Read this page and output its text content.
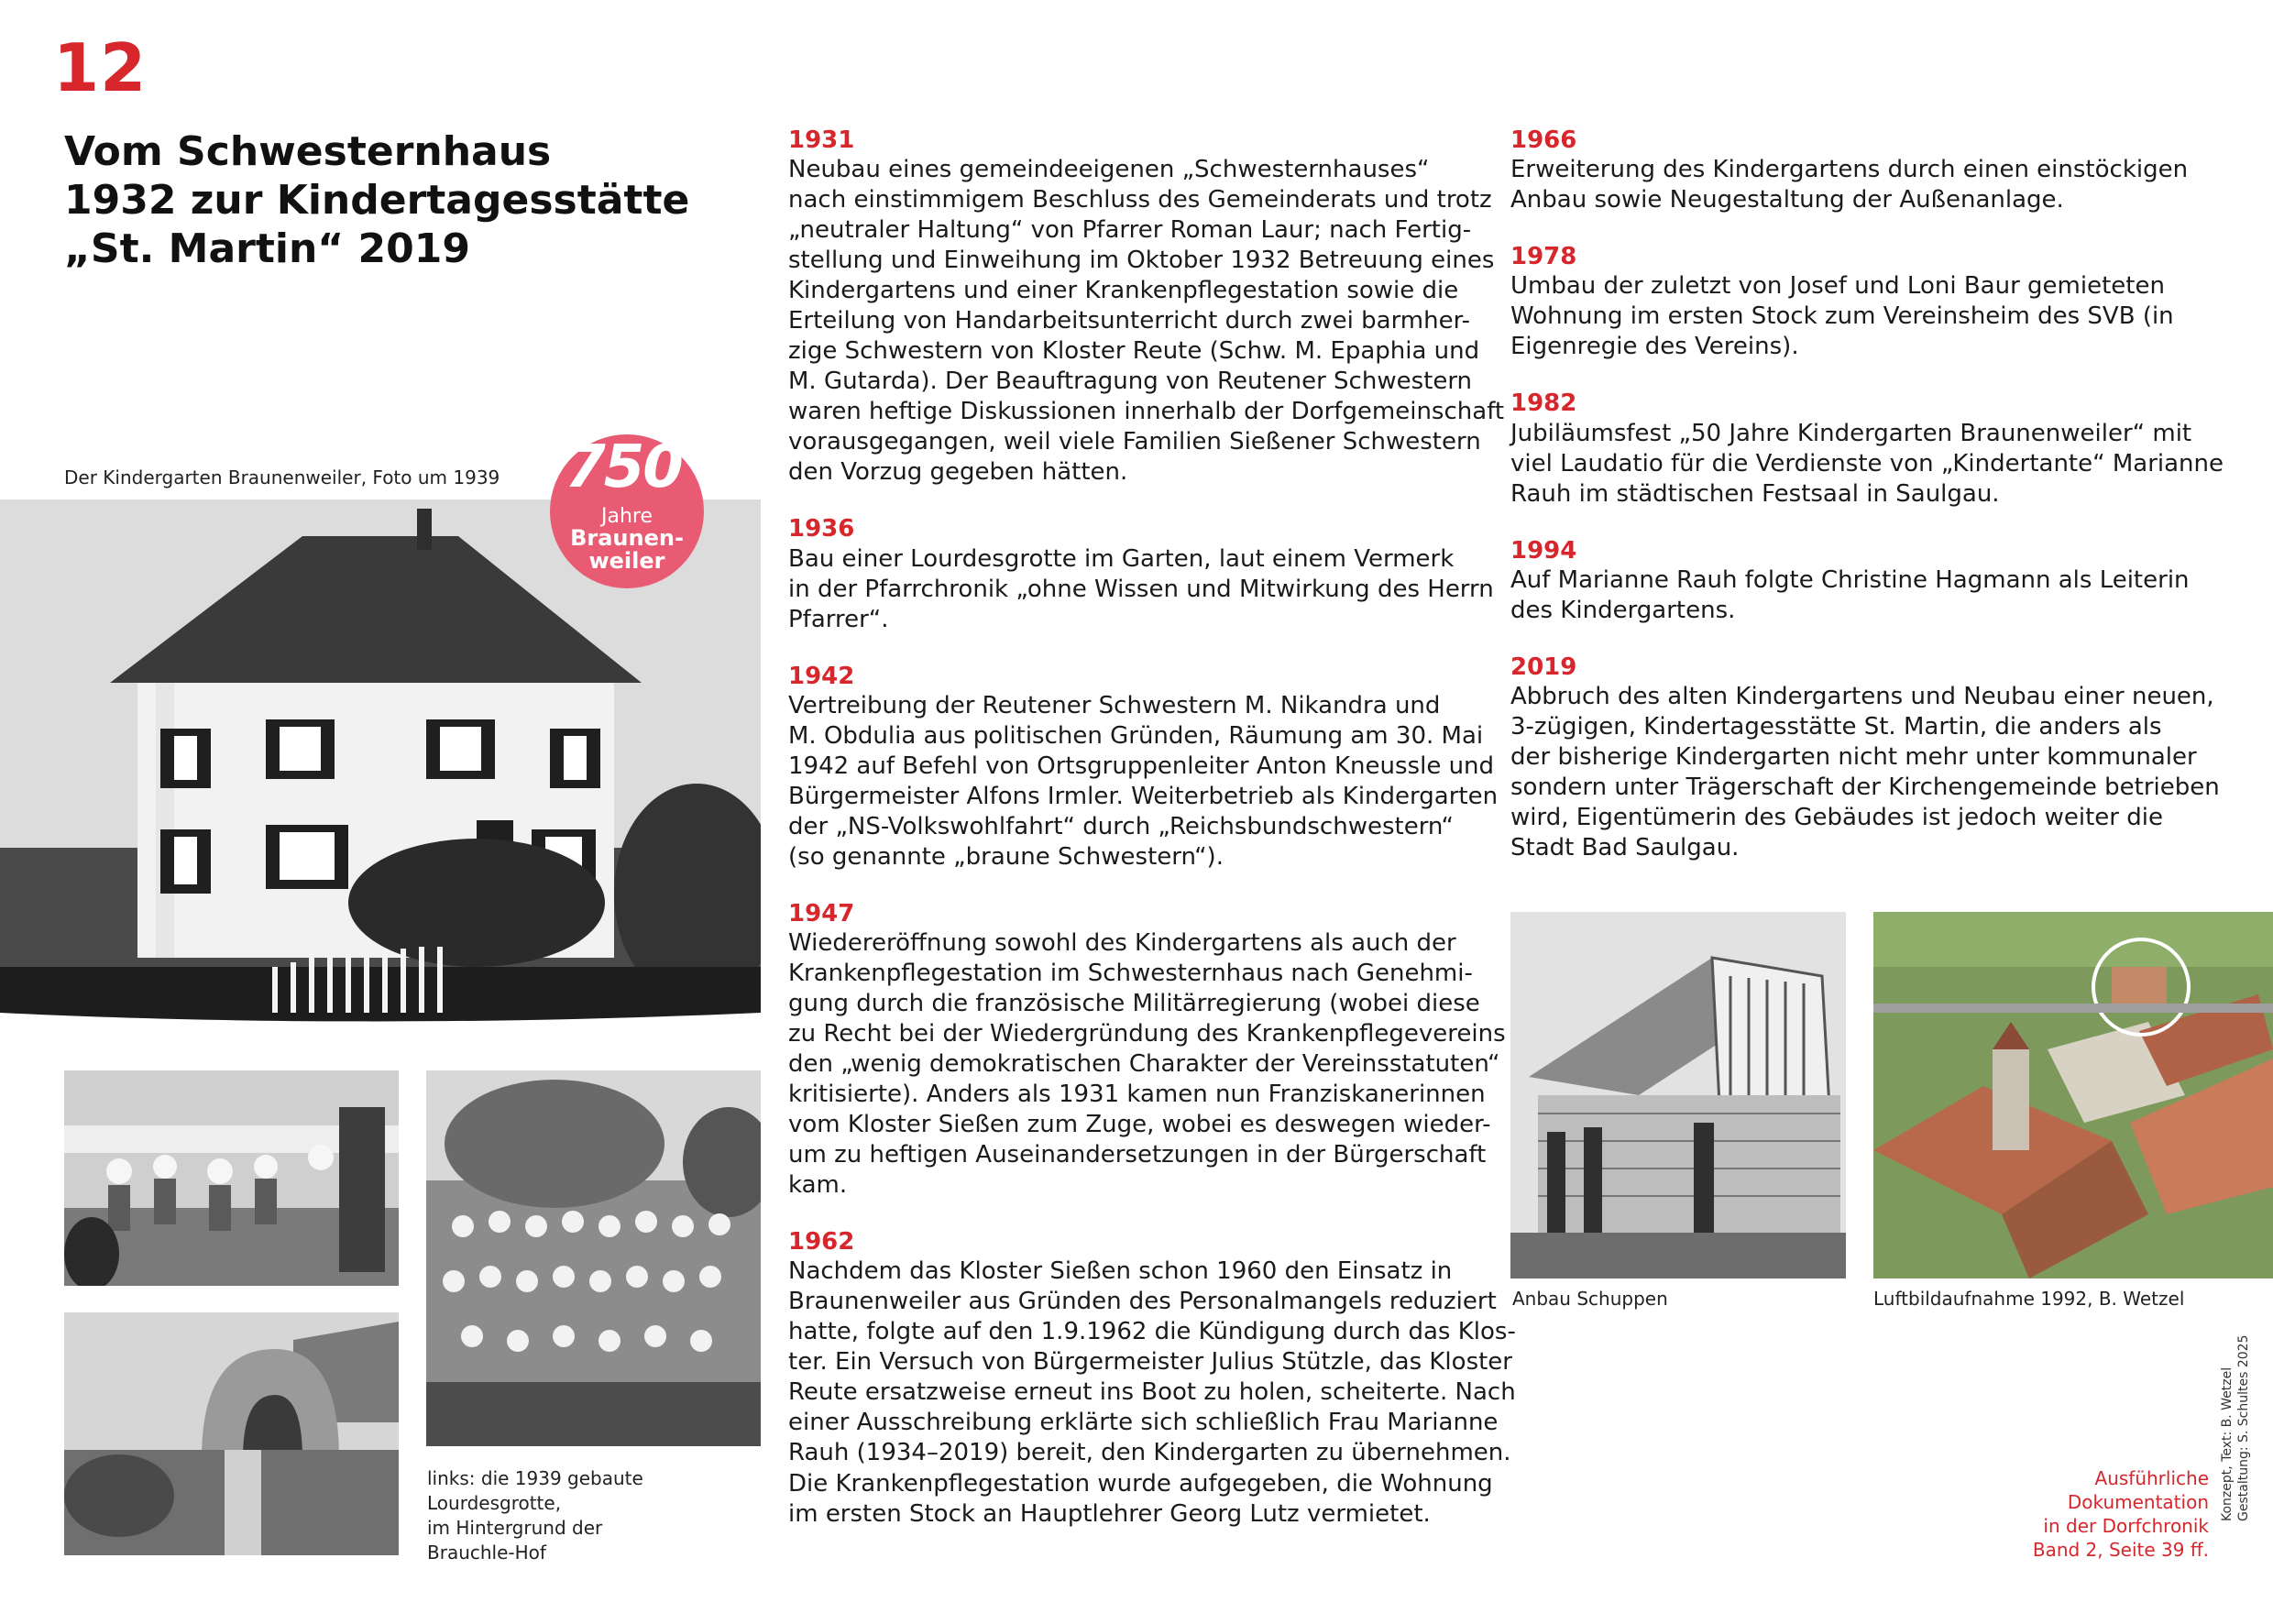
12
Vom Schwesternhaus
1932 zur Kindertagesstätte
„St. Martin“ 2019
Der Kindergarten Braunenweiler, Foto um 1939	750
Jahre
Braunen-
weiler
links: die 1939 gebaute
Lourdesgrotte,
im Hintergrund der
Brauchle-Hof
1931
Neubau eines gemeindeeigenen „Schwesternhauses“
nach einstimmigem Beschluss des Gemeinderats und trotz
„neutraler Haltung“ von Pfarrer Roman Laur; nach Fertig-
stellung und Einweihung im Oktober 1932 Betreuung eines
Kindergartens und einer Krankenpflegestation sowie die
Erteilung von Handarbeitsunterricht durch zwei barmher-
zige Schwestern von Kloster Reute (Schw. M. Epaphia und
M. Gutarda). Der Beauftragung von Reutener Schwestern
waren heftige Diskussionen innerhalb der Dorfgemeinschaft
vorausgegangen, weil viele Familien Sießener Schwestern
den Vorzug gegeben hätten.
1936
Bau einer Lourdesgrotte im Garten, laut einem Vermerk
in der Pfarrchronik „ohne Wissen und Mitwirkung des Herrn
Pfarrer“.
1942
Vertreibung der Reutener Schwestern M. Nikandra und
M. Obdulia aus politischen Gründen, Räumung am 30. Mai
1942 auf Befehl von Ortsgruppenleiter Anton Kneussle und
Bürgermeister Alfons Irmler. Weiterbetrieb als Kindergarten
der „NS-Volkswohlfahrt“ durch „Reichsbundschwestern“
(so genannte „braune Schwestern“).
1947
Wiedereröffnung sowohl des Kindergartens als auch der
Krankenpflegestation im Schwesternhaus nach Genehmi-
gung durch die französische Militärregierung (wobei diese
zu Recht bei der Wiedergründung des Krankenpflegevereins
den „wenig demokratischen Charakter der Vereinsstatuten“
kritisierte). Anders als 1931 kamen nun Franziskanerinnen
vom Kloster Sießen zum Zuge, wobei es deswegen wieder-
um zu heftigen Auseinandersetzungen in der Bürgerschaft
kam.
1962
Nachdem das Kloster Sießen schon 1960 den Einsatz in
Braunenweiler aus Gründen des Personalmangels reduziert
hatte, folgte auf den 1.9.1962 die Kündigung durch das Klos-
ter. Ein Versuch von Bürgermeister Julius Stützle, das Kloster
Reute ersatzweise erneut ins Boot zu holen, scheiterte. Nach
einer Ausschreibung erklärte sich schließlich Frau Marianne
Rauh (1934–2019) bereit, den Kindergarten zu übernehmen.
Die Krankenpflegestation wurde aufgegeben, die Wohnung
im ersten Stock an Hauptlehrer Georg Lutz vermietet.
1966
Erweiterung des Kindergartens durch einen einstöckigen
Anbau sowie Neugestaltung der Außenanlage.
1978
Umbau der zuletzt von Josef und Loni Baur gemieteten
Wohnung im ersten Stock zum Vereinsheim des SVB (in
Eigenregie des Vereins).
1982
Jubiläumsfest „50 Jahre Kindergarten Braunenweiler“ mit
viel Laudatio für die Verdienste von „Kindertante“ Marianne
Rauh im städtischen Festsaal in Saulgau.
1994
Auf Marianne Rauh folgte Christine Hagmann als Leiterin
des Kindergartens.
2019
Abbruch des alten Kindergartens und Neubau einer neuen,
3-zügigen, Kindertagesstätte St. Martin, die anders als
der bisherige Kindergarten nicht mehr unter kommunaler
sondern unter Trägerschaft der Kirchengemeinde betrieben
wird, Eigentümerin des Gebäudes ist jedoch weiter die
Stadt Bad Saulgau.
Anbau Schuppen	Luftbildaufnahme 1992, B. Wetzel
Ausführliche
Dokumentation
in der Dorfchronik
Band 2, Seite 39 ff.
Konzept, Text: B. Wetzel Gestaltung: S. Schultes 2025
